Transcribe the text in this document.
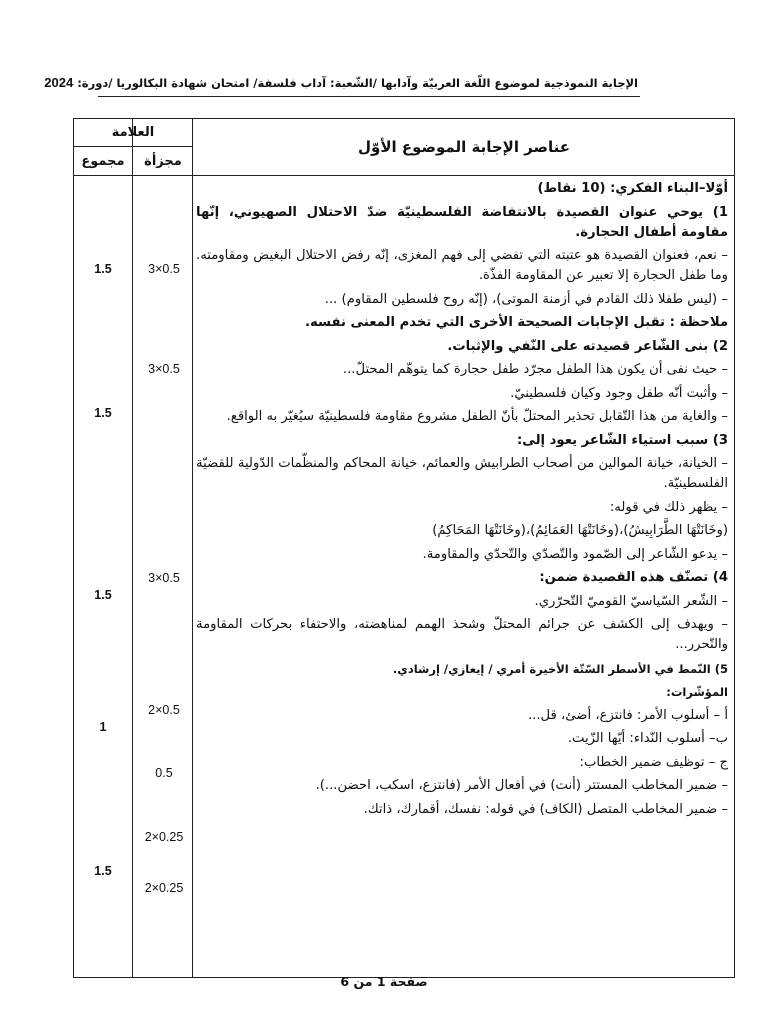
الإجابة النموذجية لموضوع اللّغة العربيّة وآدابها /الشّعبة: آداب فلسفة/ امتحان شهادة البكالوريا /دورة: 2024
عناصر الإجابة الموضوع الأوّل
العلامة
مجزأة
مجموع

أوّلا–البناء الفكري: (10 نقاط)

1) يوحي عنوان القصيدة بالانتفاضة الفلسطينيّة ضدّ الاحتلال الصهيوني، إنّها مقاومة أطفال الحجارة.

– نعم، فعنوان القصيدة هو عتبته التي تفضي إلى فهم المغزى، إنّه رفض الاحتلال البغيض ومقاومته. وما طفل الحجارة إلا تعبير عن المقاومة الفذّة.

– (ليس طفلا ذلك القادم في أزمنة الموتى)، (إنّه روح فلسطين المقاوم) ...

ملاحظة : تقبل الإجابات الصحيحة الأخرى التي تخدم المعنى نفسه.

2) بنى الشّاعر قصيدته على النّفي والإثبات.

– حيث نفى أن يكون هذا الطفل مجرّد طفل حجارة كما يتوهّم المحتلّ...

– وأثبت أنّه طفل وجود وكيان فلسطينيّ.

– والغاية من هذا التّقابل تحذير المحتلّ بأنّ الطفل مشروع مقاومة فلسطينيّة سيُغيّر به الواقع.

3) سبب استياء الشّاعر يعود إلى:

– الخيانة، خيانة الموالين من أصحاب الطرابيش والعمائم، خيانة المحاكم والمنظّمات الدّولية للقضيّة الفلسطينيّة.

– يظهر ذلك في قوله:

(وخَانَتْهَا الطَّرَابِيشُ)،(وخَانَتْهَا العَمَائِمُ)،(وخَانَتْهَا المَحَاكِمُ)

– يدعو الشّاعر إلى الصّمود والتّصدّي والتّحدّي والمقاومة.

4) تصنّف هذه القصيدة ضمن:

– الشّعر السّياسيّ القوميّ التّحرّري.

– ويهدف إلى الكشف عن جرائم المحتلّ وشحذ الهمم لمناهضته، والاحتفاء بحركات المقاومة والتّحرر...

5) النّمط في الأسطر السّتّة الأخيرة أمري / إيعازي/ إرشادي.

المؤشّرات:

أ – أسلوب الأمر: فانتزع، أضئ، قل...

ب– أسلوب النّداء: أيّها الزّيت.

ج – توظيف ضمير الخطاب:

– ضمير المخاطب المستتر (أنت) في أفعال الأمر (فانتزع، اسكب، احضن...).

– ضمير المخاطب المتصل (الكاف) في قوله: نفسك، أقمارك، ذاتك.

3×0.5
1.5
3×0.5
1.5
3×0.5
1.5
2×0.5
1
0.5
2×0.25
1.5
2×0.25
صفحة 1 من 6
